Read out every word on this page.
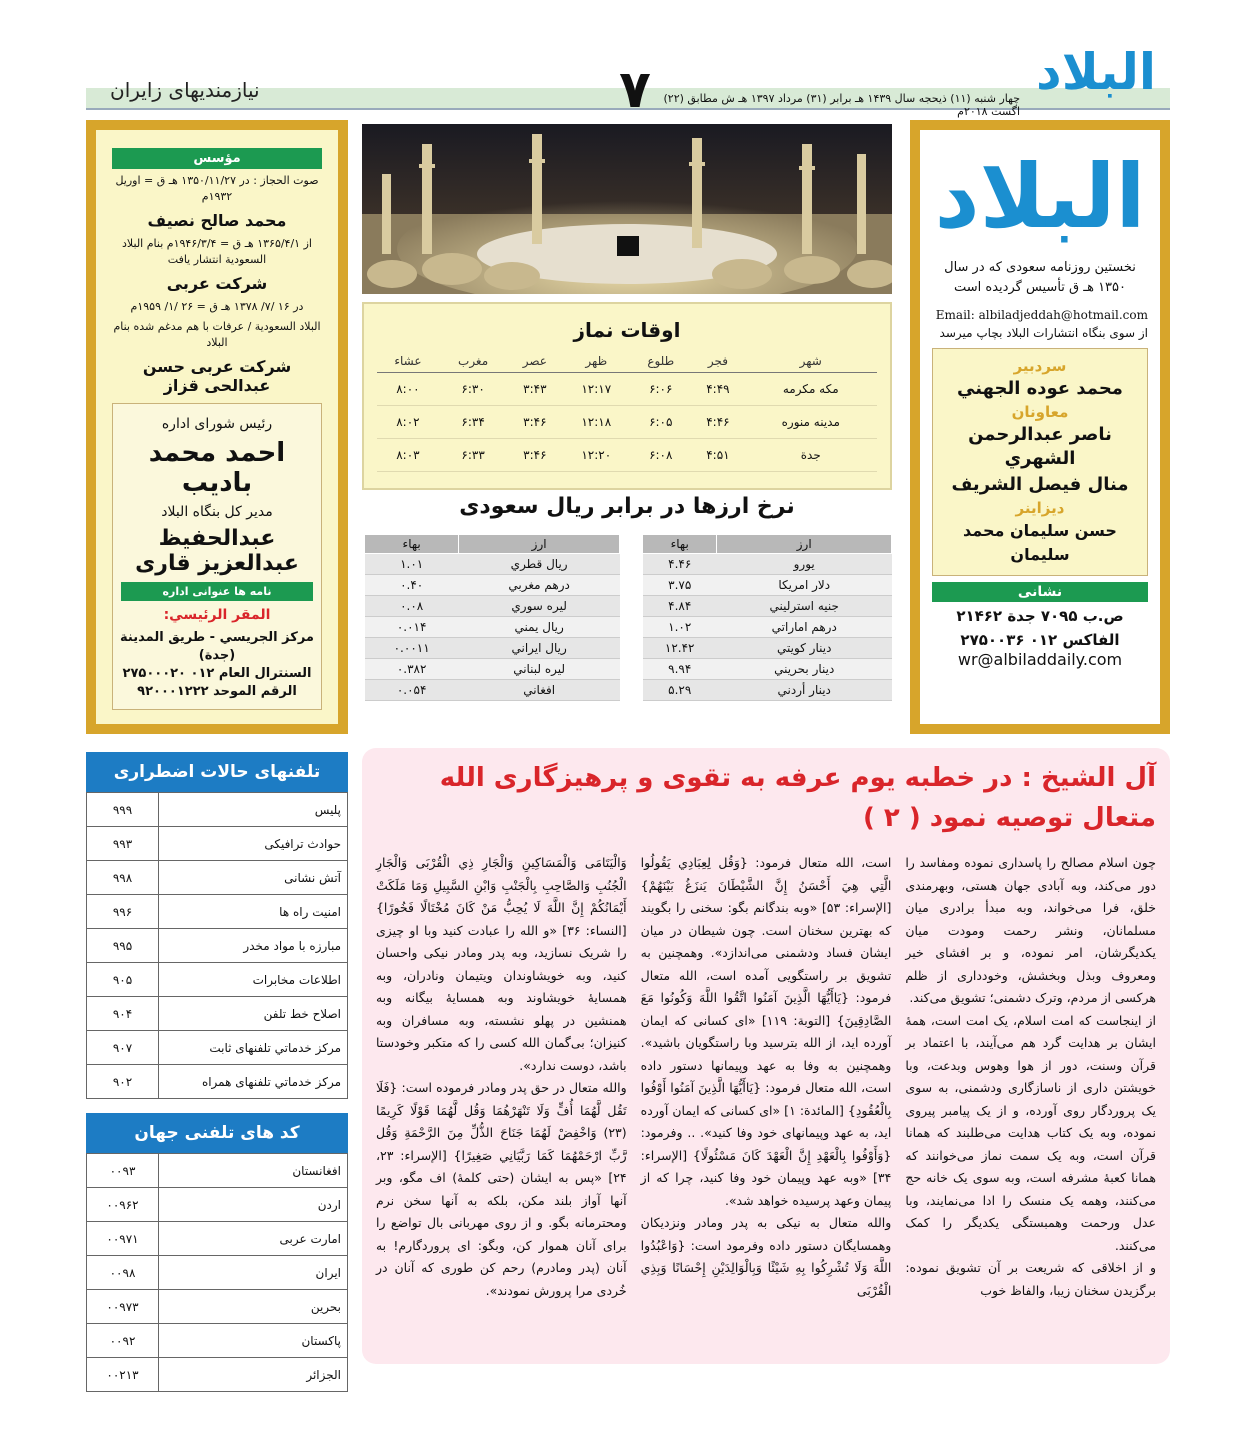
البلاد
۷	چهار شنبه (۱۱) ذیحجه سال ۱۴۳۹ هـ برابر (۳۱) مرداد ۱۳۹۷ هـ ش مطابق (۲۲) اگست ۲۰۱۸م
نیازمندیهای زایران
مؤسس
صوت الحجاز : در ۱۳۵۰/۱۱/۲۷ هـ ق = اوریل ۱۹۳۲م
محمد صالح نصيف
از ۱۳۶۵/۴/۱ هـ ق = ۱۹۴۶/۳/۴م بنام البلاد السعودية انتشار يافت
شركت عربى
در ۱۶ /۷/ ۱۳۷۸ هـ ق = ۲۶ /۱/ ۱۹۵۹م
البلاد السعودية / عرفات با هم مدغم شده بنام البلاد
شركت عربى حسن عبدالحى قزاز
رئیس شورای اداره
احمد محمد باديب
مدير كل بنگاه البلاد
عبدالحفيظ عبدالعزيز قاری
نامه ها عنوانی اداره
المقر الرئيسي:
مركز الجريسي - طريق المدينة (جدة)
السنترال العام ۰۱۲ ۲۷۵۰۰۰۲۰
الرقم الموحد ۹۲۰۰۰۱۲۲۲
اوقات نماز
شهر	فجر	طلوع	ظهر	عصر	مغرب	عشاء
مکه مکرمه	۴:۴۹	۶:۰۶	۱۲:۱۷	۳:۴۳	۶:۳۰	۸:۰۰
مدینه منوره	۴:۴۶	۶:۰۵	۱۲:۱۸	۳:۴۶	۶:۳۴	۸:۰۲
جدة	۴:۵۱	۶:۰۸	۱۲:۲۰	۳:۴۶	۶:۳۳	۸:۰۳
نرخ ارزها در برابر ريال سعودى
ارز	بهاء
يورو	۴.۴۶
دلار امريكا	۳.۷۵
جنيه استرليني	۴.۸۴
درهم اماراتي	۱.۰۲
دينار كويتي	۱۲.۴۲
دينار بحريني	۹.۹۴
دينار أردني	۵.۲۹
ارز	بهاء
ريال قطري	۱.۰۱
درهم مغربي	۰.۴۰
ليره سوري	۰.۰۸
ريال يمني	۰.۰۱۴
ريال ايراني	۰.۰۰۱۱
ليره لبناني	۰.۳۸۲
افغاني	۰.۰۵۴
البلاد
نخستين روزنامه سعودى كه در سال ۱۳۵۰ هـ ق تأسيس گرديده است
Email: albiladjeddah@hotmail.com
از سوى بنگاه انتشارات البلاد بچاپ ميرسد
سردبير
محمد عوده الجهني
معاونان
ناصر عبدالرحمن الشهري
منال فيصل الشريف
ديزاينر
حسن سليمان محمد سليمان
نشانی
ص.ب ۷۰۹۵ جدة ۲۱۴۶۲
الفاكس ۰۱۲ ۲۷۵۰۰۳۶
wr@albiladdaily.com
تلفنهای حالات اضطراری
پلیس	۹۹۹
حوادث ترافیکی	۹۹۳
آتش نشانی	۹۹۸
امنیت راه ها	۹۹۶
مبارزه با مواد مخدر	۹۹۵
اطلاعات مخابرات	۹۰۵
اصلاح خط تلفن	۹۰۴
مرکز خدماتي تلفنهای ثابت	۹۰۷
مرکز خدماتي تلفنهای همراه	۹۰۲
كد هاى تلفنى جهان
افغانستان	۰۰۹۳
اردن	۰۰۹۶۲
امارت عربی	۰۰۹۷۱
ایران	۰۰۹۸
بحرين	۰۰۹۷۳
پاکستان	۰۰۹۲
الجزائر	۰۰۲۱۳
آل الشيخ : در خطبه یوم عرفه به تقوی و پرهیزگاری الله متعال توصیه نمود ( ۲ )

چون اسلام مصالح را پاسداری نموده ومفاسد را دور می‌کند، وبه آبادی جهان هستی، وبهرمندی خلق، فرا می‌خواند، وبه مبدأ برادری میان مسلمانان، ونشر رحمت ومودت میان یکدیگرشان، امر نموده، و بر افشای خیر ومعروف وبذل وبخشش، وخودداری از ظلم هرکسی از مردم، وترک دشمنی؛ تشویق می‌کند.
از اینجاست که امت اسلام، یک امت است، همهٔ ایشان بر هدایت گرد هم می‌آیند، با اعتماد بر قرآن وسنت، دور از هوا وهوس وبدعت، وبا خویشتن داری از ناسازگاری ودشمنی، به سوی یک پروردگار روی آورده، و از یک پیامبر پیروی نموده، وبه یک کتاب هدایت می‌طلبند که همانا قرآن است، وبه یک سمت نماز می‌خوانند که همانا کعبهٔ مشرفه است، وبه سوی یک خانه حج می‌کنند، وهمه یک منسک را ادا می‌نمایند، وبا عدل ورحمت وهمبستگی یکدیگر را کمک می‌کنند.
و از اخلاقی که شریعت بر آن تشویق نموده: برگزیدن سخنان زیبا، والفاظ خوب

است، الله متعال فرمود: {وَقُل لِعِبَادِي يَقُولُوا الَّتِي هِيَ أَحْسَنُ إِنَّ الشَّيْطَانَ يَنزَغُ بَيْنَهُمْ} [الإسراء: ۵۳] «وبه بندگانم بگو: سخنی را بگویند که بهترین سخنان است. چون شیطان در میان ایشان فساد ودشمنی می‌اندازد». وهمچنین به تشویق بر راستگویی آمده است، الله متعال فرمود: {يَاأَيُّهَا الَّذِينَ آمَنُوا اتَّقُوا اللَّهَ وَكُونُوا مَعَ الصَّادِقِينَ} [التوبة: ۱۱۹] «ای کسانی که ایمان آورده اید، از الله بترسید وبا راستگویان باشید». وهمچنین به وفا به عهد وپیمانها دستور داده است، الله متعال فرمود: {يَاأَيُّهَا الَّذِينَ آمَنُوا أَوْفُوا بِالْعُقُودِ} [المائدة: ۱] «ای کسانی که ایمان آورده اید، به عهد وپیمانهای خود وفا کنید». .. وفرمود: {وَأَوْفُوا بِالْعَهْدِ إِنَّ الْعَهْدَ كَانَ مَسْئُولًا} [الإسراء: ۳۴] «وبه عهد وپیمان خود وفا کنید، چرا که از پیمان وعهد پرسیده خواهد شد».
والله متعال به نیکی به پدر ومادر ونزدیکان وهمسایگان دستور داده وفرمود است: {وَاعْبُدُوا اللَّهَ وَلَا تُشْرِكُوا بِهِ شَيْئًا وَبِالْوَالِدَيْنِ إِحْسَانًا وَبِذِي الْقُرْبَى

وَالْيَتَامَى وَالْمَسَاكِينِ وَالْجَارِ ذِي الْقُرْبَى وَالْجَارِ الْجُنُبِ وَالصَّاحِبِ بِالْجَنْبِ وَابْنِ السَّبِيلِ وَمَا مَلَكَتْ أَيْمَانُكُمْ إِنَّ اللَّهَ لَا يُحِبُّ مَنْ كَانَ مُخْتَالًا فَخُورًا} [النساء: ۳۶] «و الله را عبادت کنید وبا او چیزی را شریک نسازید، وبه پدر ومادر نیکی واحسان کنید، وبه خویشاوندان ویتیمان ونادران، وبه همسایهٔ خویشاوند وبه همسایهٔ بیگانه وبه همنشین در پهلو نشسته، وبه مسافران وبه کنیزان؛ بی‌گمان الله کسی را که متکبر وخودستا باشد، دوست ندارد».
والله متعال در حق پدر ومادر فرموده است: {فَلَا تَقُل لَّهُمَا أُفٍّ وَلَا تَنْهَرْهُمَا وَقُل لَّهُمَا قَوْلًا كَرِيمًا (۲۳) وَاخْفِضْ لَهُمَا جَنَاحَ الذُّلِّ مِنَ الرَّحْمَةِ وَقُل رَّبِّ ارْحَمْهُمَا كَمَا رَبَّيَانِي صَغِيرًا} [الإسراء: ۲۳، ۲۴] «پس به ایشان (حتی کلمهٔ) اف مگو، وبر آنها آواز بلند مکن، بلکه به آنها سخن نرم ومحترمانه بگو. و از روی مهربانی بال تواضع را برای آنان هموار کن، وبگو: ای پروردگارم! به آنان (پدر ومادرم) رحم کن طوری که آنان در خُردی مرا پرورش نمودند».
